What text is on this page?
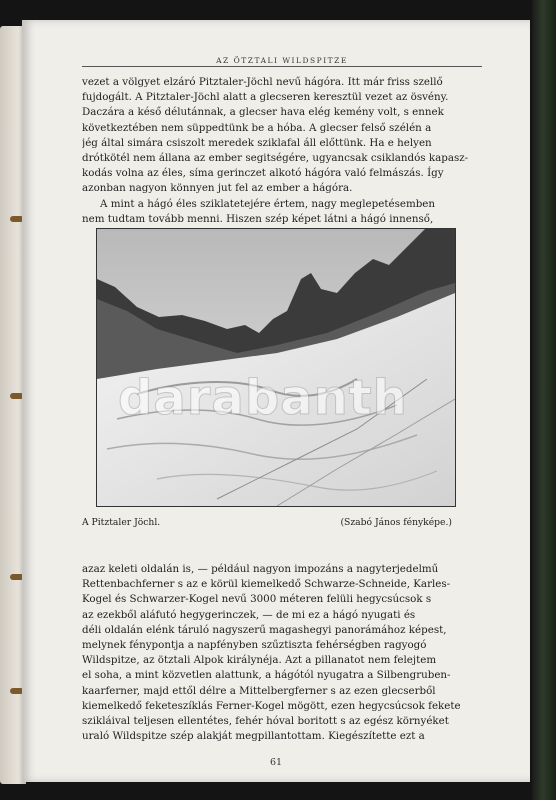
AZ ÖTZTALI WILDSPITZE
vezet a völgyet elzáró Pitztaler-Jöchl nevű hágóra. Itt már friss szellő
fujdogált. A Pitztaler-Jöchl alatt a glecseren keresztül vezet az ösvény.
Daczára a késő délutánnak, a glecser hava elég kemény volt, s ennek
következtében nem süppedtünk be a hóba. A glecser felső szélén a
jég által simára csiszolt meredek sziklafal áll előttünk. Ha e helyen
drótkötél nem állana az ember segitségére, ugyancsak csiklandós kapasz-
kodás volna az éles, síma gerinczet alkotó hágóra való felmászás. Így
azonban nagyon könnyen jut fel az ember a hágóra.
A mint a hágó éles sziklatetejére értem, nagy meglepetésemben
nem tudtam tovább menni. Hiszen szép képet látni a hágó innenső,
A Pitztaler Jöchl.	(Szabó János fényképe.)
azaz keleti oldalán is, — például nagyon impozáns a nagyterjedelmű
Rettenbachferner s az e körül kiemelkedő Schwarze-Schneide, Karles-
Kogel és Schwarzer-Kogel nevű 3000 méteren felüli hegycsúcsok s
az ezekből aláfutó hegygerinczek, — de mi ez a hágó nyugati és
déli oldalán elénk táruló nagyszerű magashegyi panorámához képest,
melynek fénypontja a napfényben szűztiszta fehérségben ragyogó
Wildspitze, az ötztali Alpok királynéja. Azt a pillanatot nem felejtem
el soha, a mint közvetlen alattunk, a hágótól nyugatra a Silbengruben-
kaarferner, majd ettől délre a Mittelbergferner s az ezen glecserből
kiemelkedő feketeszíklás Ferner-Kogel mögött, ezen hegycsúcsok fekete
szikláival teljesen ellentétes, fehér hóval boritott s az egész környéket
uraló Wildspitze szép alakját megpillantottam. Kiegészítette ezt a
61
darabanth
